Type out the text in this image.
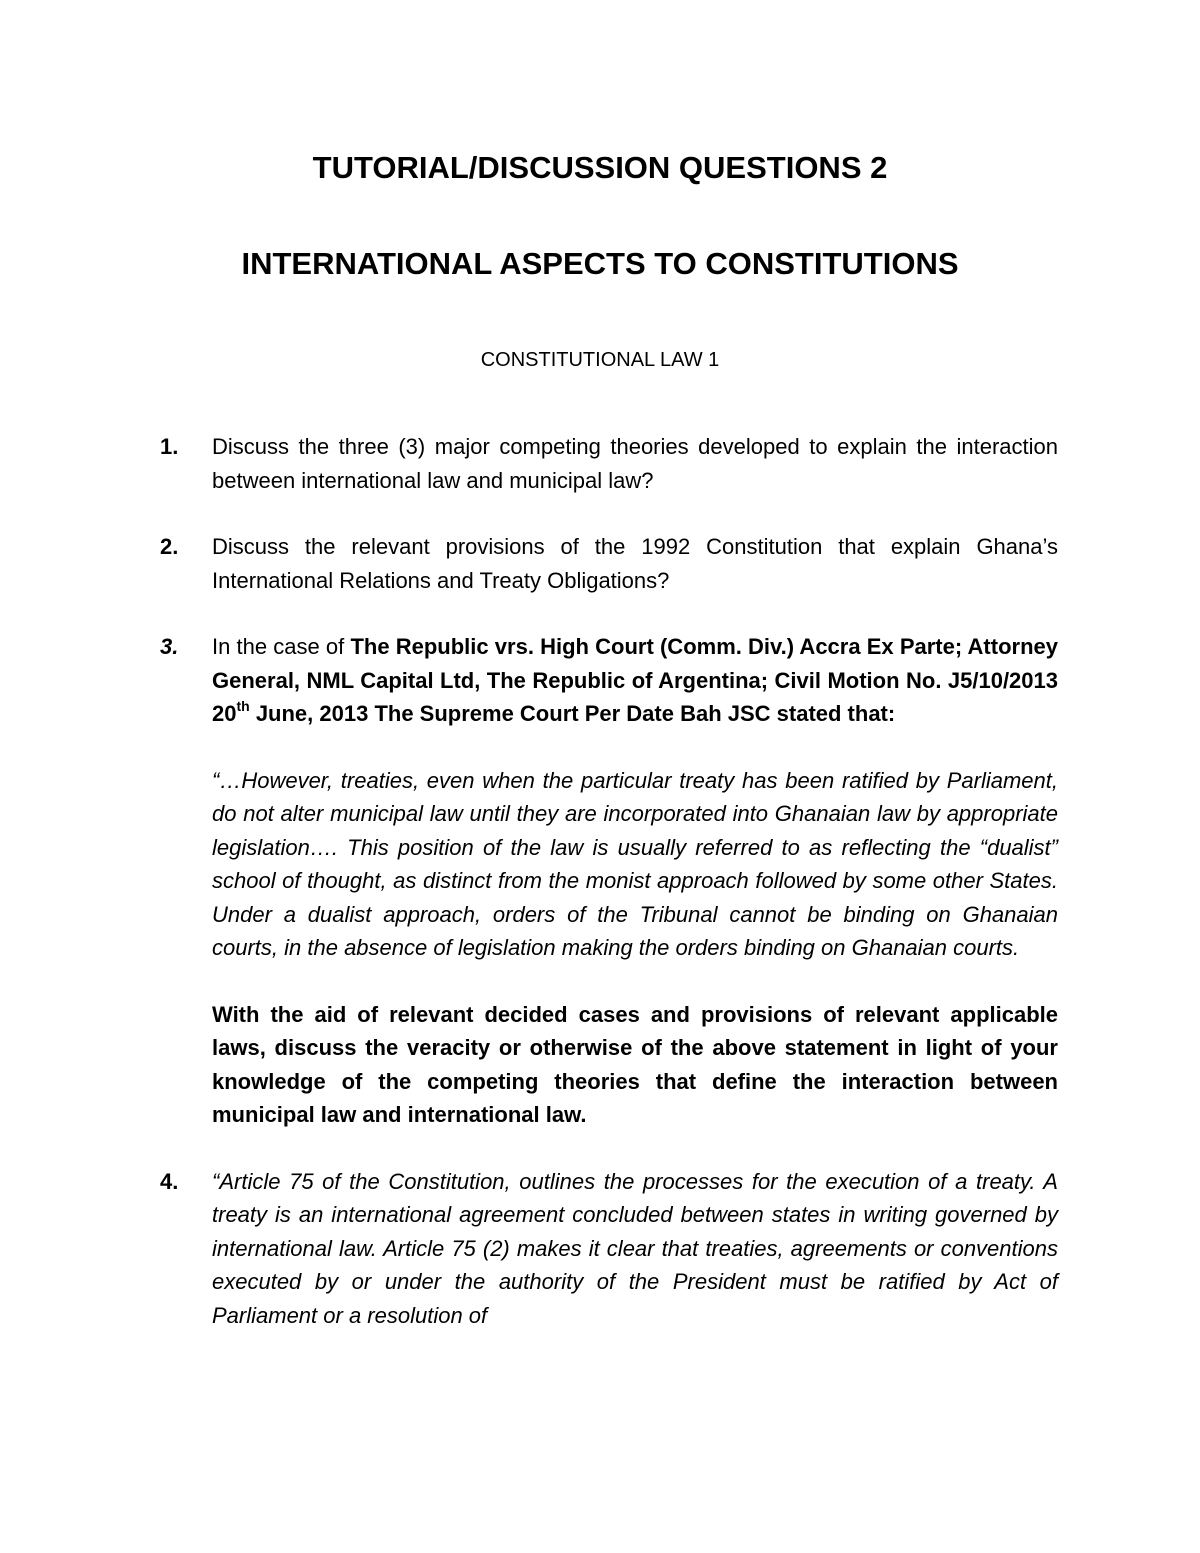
TUTORIAL/DISCUSSION QUESTIONS 2
INTERNATIONAL ASPECTS TO CONSTITUTIONS
CONSTITUTIONAL LAW 1
1. Discuss the three (3) major competing theories developed to explain the interaction between international law and municipal law?

2. Discuss the relevant provisions of the 1992 Constitution that explain Ghana’s International Relations and Treaty Obligations?

3. In the case of The Republic vrs. High Court (Comm. Div.) Accra Ex Parte; Attorney General, NML Capital Ltd, The Republic of Argentina; Civil Motion No. J5/10/2013 20th June, 2013 The Supreme Court Per Date Bah JSC stated that:

“…However, treaties, even when the particular treaty has been ratified by Parliament, do not alter municipal law until they are incorporated into Ghanaian law by appropriate legislation…. This position of the law is usually referred to as reflecting the “dualist” school of thought, as distinct from the monist approach followed by some other States. Under a dualist approach, orders of the Tribunal cannot be binding on Ghanaian courts, in the absence of legislation making the orders binding on Ghanaian courts.

With the aid of relevant decided cases and provisions of relevant applicable laws, discuss the veracity or otherwise of the above statement in light of your knowledge of the competing theories that define the interaction between municipal law and international law.

4. “Article 75 of the Constitution, outlines the processes for the execution of a treaty. A treaty is an international agreement concluded between states in writing governed by international law. Article 75 (2) makes it clear that treaties, agreements or conventions executed by or under the authority of the President must be ratified by Act of Parliament or a resolution of
